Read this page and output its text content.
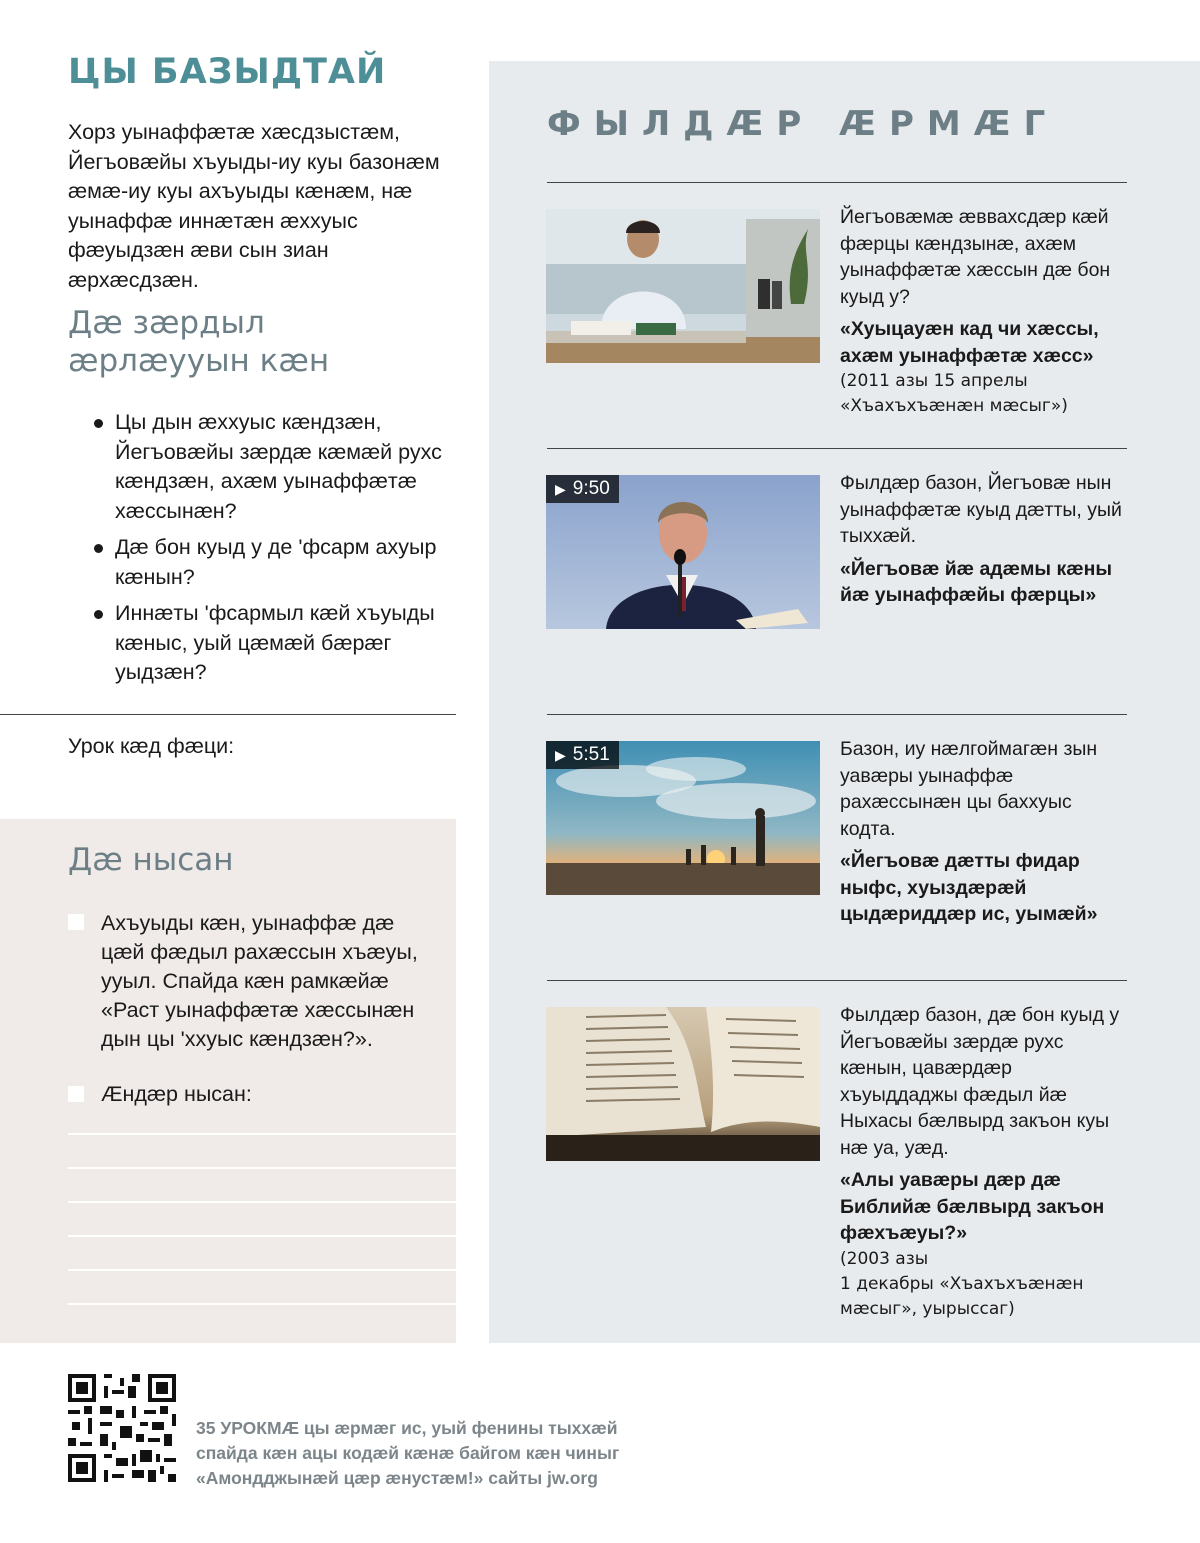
ЦЫ БАЗЫДТАЙ

Хорз уынаффæтæ хæсдзыстæм, Йегъовæйы хъуыды-иу куы базонæм æмæ-иу куы ахъуыды кæнæм, нæ уынаффæ иннæтæн æххуыс фæуыдзæн æви сын зиан æрхæсдзæн.

Дæ зæрдыл æрлæууын кæн
Цы дын æххуыс кæндзæн, Йегъовæйы зæрдæ кæмæй рухс кæндзæн, ахæм уынаффæтæ хæссынæн?
Дæ бон куыд у де 'фсарм ахуыр кæнын?
Иннæты 'фсармыл кæй хъуыды кæныс, уый цæмæй бæрæг уыдзæн?
Урок кæд фæци:
Дæ нысан
Ахъуыды кæн, уынаффæ дæ цæй фæдыл рахæссын хъæуы, ууыл. Спайда кæн рамкæйæ «Раст уынаффæтæ хæссынæн дын цы 'ххуыс кæндзæн?».
Æндæр нысан:
ФЫЛДÆР ÆРМÆГ

Йегъовæмæ æввахсдæр кæй фæрцы кæндзынæ, ахæм уынаффæтæ хæссын дæ бон куыд у?

«Хуыцауæн кад чи хæссы, ахæм уынаффæтæ хæсс»

(2011 азы 15 апрелы
«Хъахъхъæнæн мæсыг»)
▶ 9:50	Фылдæр базон, Йегъовæ нын уынаффæтæ куыд дæтты, уый тыххæй.

«Йегъовæ йæ адæмы кæны йæ уынаффæйы фæрцы»

▶ 5:51	Базон, иу нæлгоймагæн зын уавæры уынаффæ рахæссынæн цы баххуыс кодта.

«Йегъовæ дæтты фидар ныфс, хуыздæрæй цыдæриддæр ис, уымæй»

Фылдæр базон, дæ бон куыд у Йегъовæйы зæрдæ рухс кæнын, цавæрдæр хъуыддаджы фæдыл йæ Ныхасы бæлвырд закъон куы нæ уа, уæд.

«Алы уавæры дæр дæ Библийæ бæлвырд закъон фæхъæуы?»

(2003 азы
1 декабры «Хъахъхъæнæн
мæсыг», уырыссаг)
35 УРОКМÆ цы æрмæг ис, уый фенины тыххæй
спайда кæн ацы кодæй кæнæ байгом кæн чиныг
«Амондджынæй цæр æнустæм!» сайты jw.org
